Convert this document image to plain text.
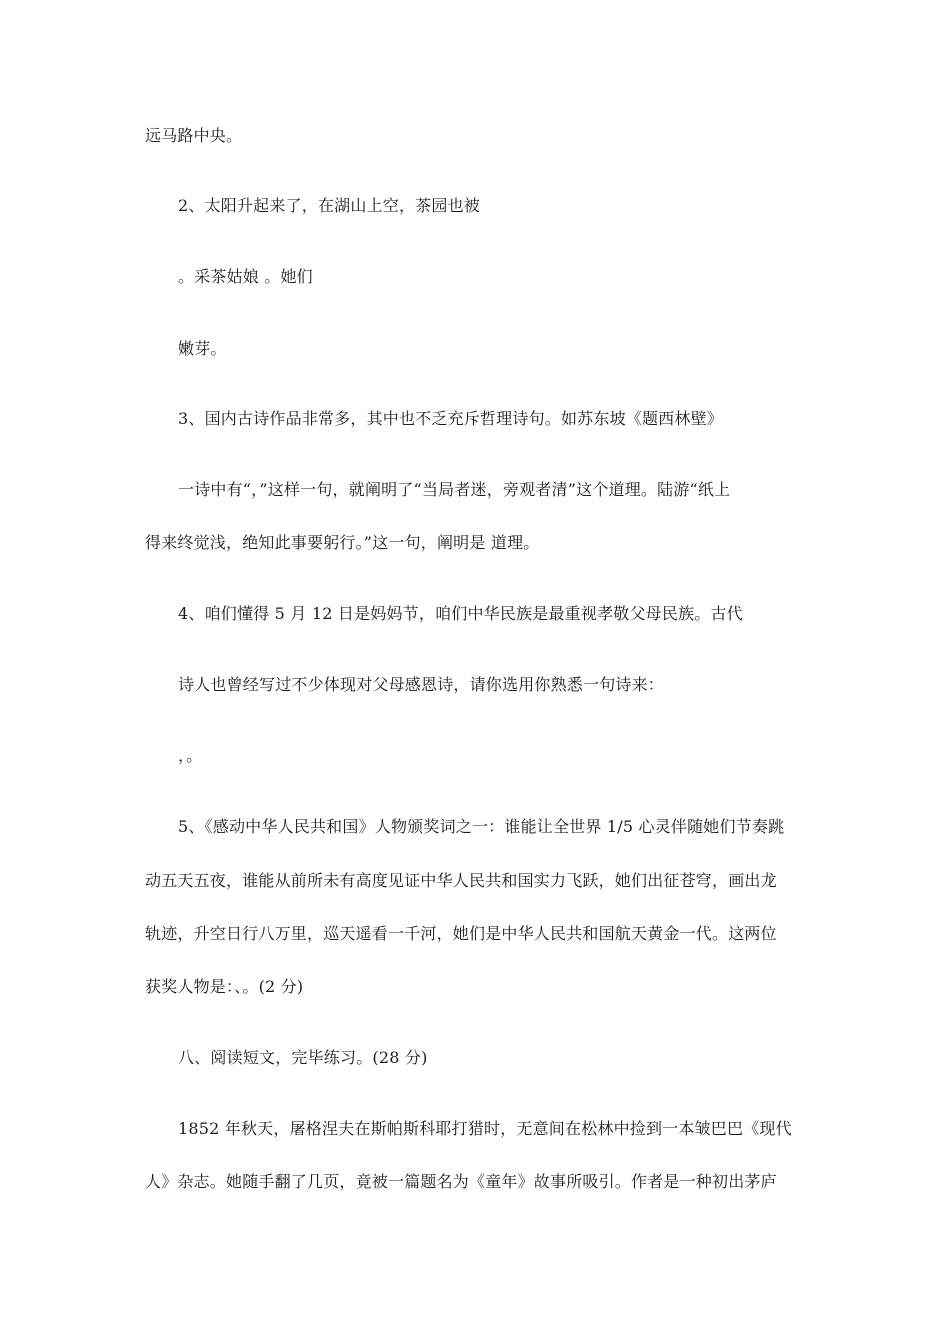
远马路中央。
2、太阳升起来了，在湖山上空，茶园也被
。采茶姑娘 。她们
嫩芽。
3、国内古诗作品非常多，其中也不乏充斥哲理诗句。如苏东坡《题西林壁》
一诗中有“，”这样一句，就阐明了“当局者迷，旁观者清”这个道理。陆游“纸上
得来终觉浅，绝知此事要躬行。”这一句，阐明是 道理。
4、咱们懂得 5 月 12 日是妈妈节，咱们中华民族是最重视孝敬父母民族。古代
诗人也曾经写过不少体现对父母感恩诗，请你选用你熟悉一句诗来：
，。
5、《感动中华人民共和国》人物颁奖词之一：谁能让全世界 1/5 心灵伴随她们节奏跳
动五天五夜，谁能从前所未有高度见证中华人民共和国实力飞跃，她们出征苍穹，画出龙
轨迹，升空日行八万里，巡天遥看一千河，她们是中华人民共和国航天黄金一代。这两位
获奖人物是：、。(2 分)
八、阅读短文，完毕练习。(28 分)
1852 年秋天，屠格涅夫在斯帕斯科耶打猎时，无意间在松林中捡到一本皱巴巴《现代
人》杂志。她随手翻了几页，竟被一篇题名为《童年》故事所吸引。作者是一种初出茅庐
